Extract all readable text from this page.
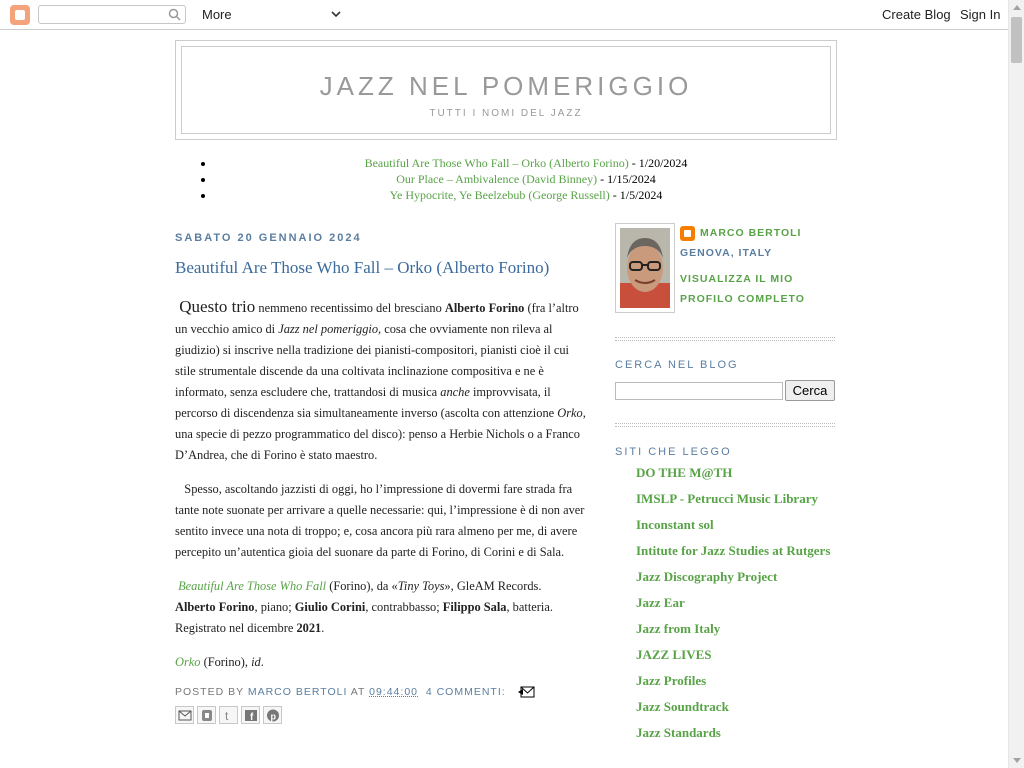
More	Create Blog Sign In
JAZZ NEL POMERIGGIO
TUTTI I NOMI DEL JAZZ
• Beautiful Are Those Who Fall – Orko (Alberto Forino) - 1/20/2024
• Our Place – Ambivalence (David Binney) - 1/15/2024
• Ye Hypocrite, Ye Beelzebub (George Russell) - 1/5/2024
SABATO 20 GENNAIO 2024
Beautiful Are Those Who Fall – Orko (Alberto Forino)

Questo trio nemmeno recentissimo del bresciano Alberto Forino (fra l’altro un vecchio amico di Jazz nel pomeriggio, cosa che ovviamente non rileva al giudizio) si inscrive nella tradizione dei pianisti-compositori, pianisti cioè il cui stile strumentale discende da una coltivata inclinazione compositiva e ne è informato, senza escludere che, trattandosi di musica anche improvvisata, il percorso di discendenza sia simultaneamente inverso (ascolta con attenzione Orko, una specie di pezzo programmatico del disco): penso a Herbie Nichols o a Franco D’Andrea, che di Forino è stato maestro.

Spesso, ascoltando jazzisti di oggi, ho l’impressione di dovermi fare strada fra tante note suonate per arrivare a quelle necessarie: qui, l’impressione è di non aver sentito invece una nota di troppo; e, cosa ancora più rara almeno per me, di avere percepito un’autentica gioia del suonare da parte di Forino, di Corini e di Sala.

Beautiful Are Those Who Fall (Forino), da «Tiny Toys», GleAM Records.
Alberto Forino, piano; Giulio Corini, contrabbasso; Filippo Sala, batteria. Registrato nel dicembre 2021.

Orko (Forino), id.

POSTED BY MARCO BERTOLI AT 09:44:00 4 COMMENTI:

t
f
p
MARCO BERTOLI
GENOVA, ITALY
VISUALIZZA IL MIO PROFILO COMPLETO
CERCA NEL BLOG
Cerca
SITI CHE LEGGO
DO THE M@TH
IMSLP - Petrucci Music Library
Inconstant sol
Intitute for Jazz Studies at Rutgers
Jazz Discography Project
Jazz Ear
Jazz from Italy
JAZZ LIVES
Jazz Profiles
Jazz Soundtrack
Jazz Standards
